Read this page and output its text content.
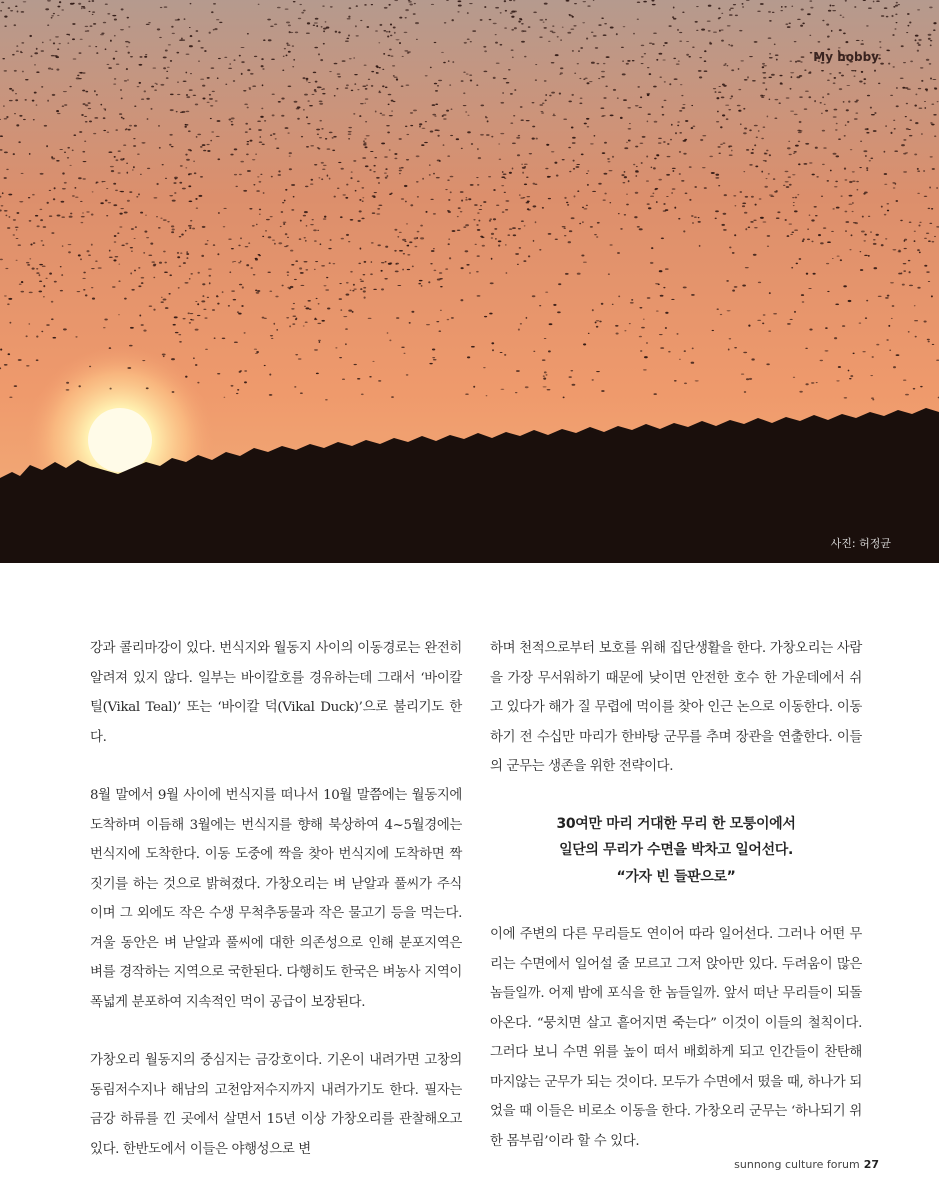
My hobby
사진: 허정균

강과 콜리마강이 있다. 번식지와 월동지 사이의 이동경로는 완전히 알려져 있지 않다. 일부는 바이칼호를 경유하는데 그래서 ‘바이칼 틸(Vikal Teal)’ 또는 ‘바이칼 덕(Vikal Duck)’으로 불리기도 한다.

8월 말에서 9월 사이에 번식지를 떠나서 10월 말쯤에는 월동지에 도착하며 이듬해 3월에는 번식지를 향해 북상하여 4~5월경에는 번식지에 도착한다. 이동 도중에 짝을 찾아 번식지에 도착하면 짝짓기를 하는 것으로 밝혀졌다. 가창오리는 벼 낟알과 풀씨가 주식이며 그 외에도 작은 수생 무척추동물과 작은 물고기 등을 먹는다. 겨울 동안은 벼 낟알과 풀씨에 대한 의존성으로 인해 분포지역은 벼를 경작하는 지역으로 국한된다. 다행히도 한국은 벼농사 지역이 폭넓게 분포하여 지속적인 먹이 공급이 보장된다.

가창오리 월동지의 중심지는 금강호이다. 기온이 내려가면 고창의 동림저수지나 해남의 고천암저수지까지 내려가기도 한다. 필자는 금강 하류를 낀 곳에서 살면서 15년 이상 가창오리를 관찰해오고 있다. 한반도에서 이들은 야행성으로 변

하며 천적으로부터 보호를 위해 집단생활을 한다. 가창오리는 사람을 가장 무서워하기 때문에 낮이면 안전한 호수 한 가운데에서 쉬고 있다가 해가 질 무렵에 먹이를 찾아 인근 논으로 이동한다. 이동하기 전 수십만 마리가 한바탕 군무를 추며 장관을 연출한다. 이들의 군무는 생존을 위한 전략이다.

30여만 마리 거대한 무리 한 모퉁이에서
일단의 무리가 수면을 박차고 일어선다.
“가자 빈 들판으로”

이에 주변의 다른 무리들도 연이어 따라 일어선다. 그러나 어떤 무리는 수면에서 일어설 줄 모르고 그저 앉아만 있다. 두려움이 많은 놈들일까. 어제 밤에 포식을 한 놈들일까. 앞서 떠난 무리들이 되돌아온다. “뭉치면 살고 흩어지면 죽는다” 이것이 이들의 철칙이다. 그러다 보니 수면 위를 높이 떠서 배회하게 되고 인간들이 찬탄해 마지않는 군무가 되는 것이다. 모두가 수면에서 떴을 때, 하나가 되었을 때 이들은 비로소 이동을 한다. 가창오리 군무는 ‘하나되기 위한 몸부림’이라 할 수 있다.

sunnong culture forum 27
